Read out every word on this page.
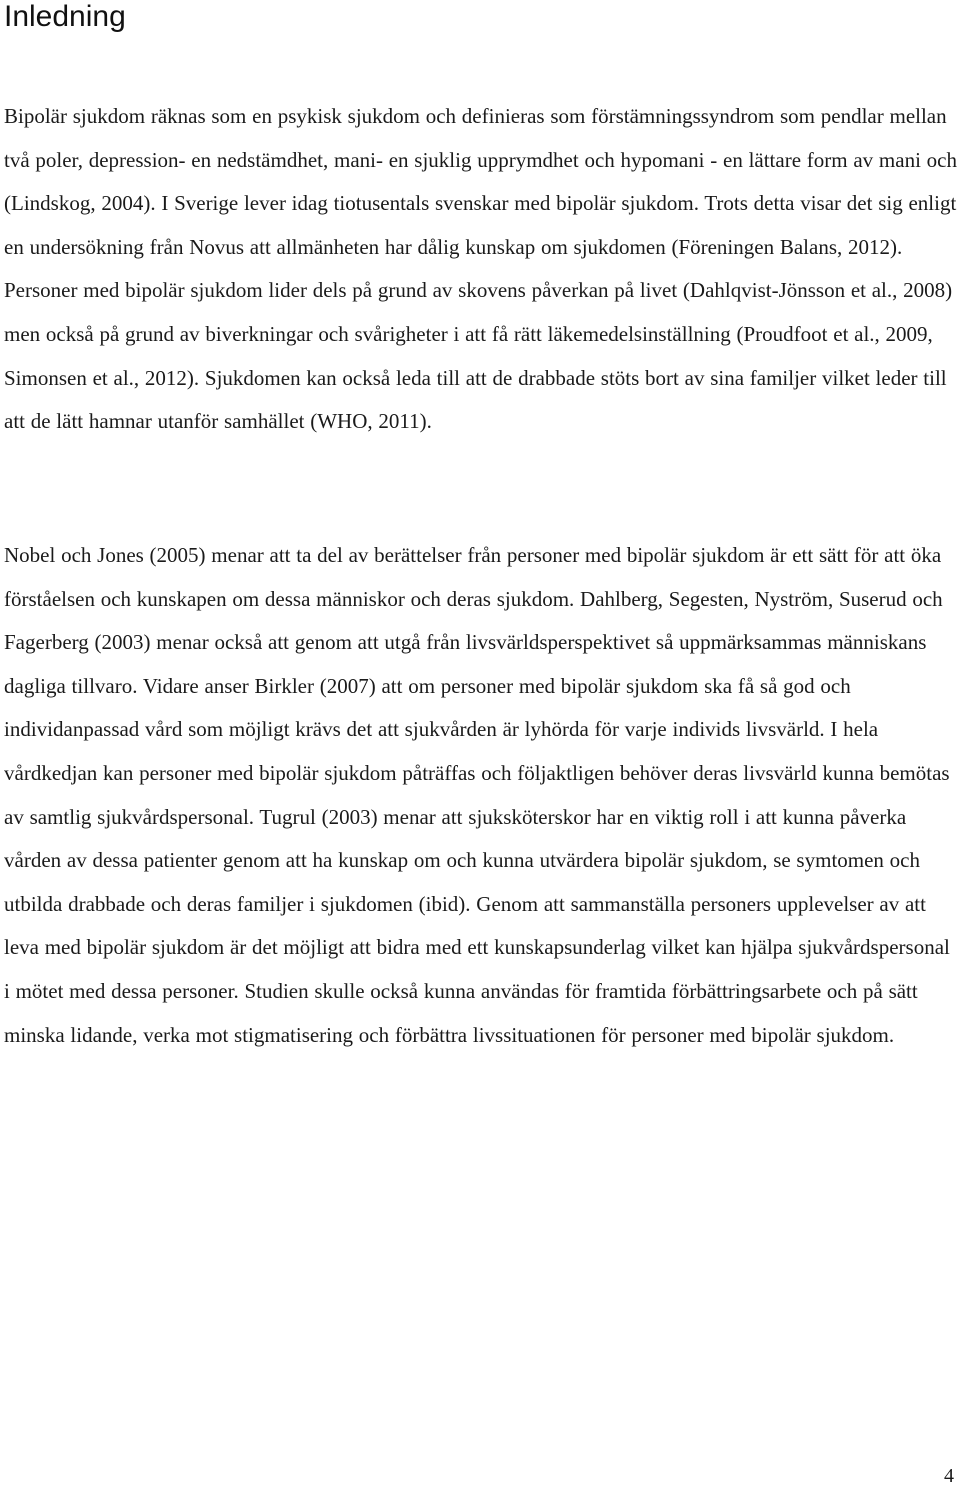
Inledning

Bipolär sjukdom räknas som en psykisk sjukdom och definieras som förstämningssyndrom som pendlar mellan två poler, depression- en nedstämdhet, mani- en sjuklig upprymdhet och hypomani - en lättare form av mani och (Lindskog, 2004). I Sverige lever idag tiotusentals svenskar med bipolär sjukdom. Trots detta visar det sig enligt en undersökning från Novus att allmänheten har dålig kunskap om sjukdomen (Föreningen Balans, 2012). Personer med bipolär sjukdom lider dels på grund av skovens påverkan på livet (Dahlqvist-Jönsson et al., 2008) men också på grund av biverkningar och svårigheter i att få rätt läkemedelsinställning (Proudfoot et al., 2009, Simonsen et al., 2012). Sjukdomen kan också leda till att de drabbade stöts bort av sina familjer vilket leder till att de lätt hamnar utanför samhället (WHO, 2011).

Nobel och Jones (2005) menar att ta del av berättelser från personer med bipolär sjukdom är ett sätt för att öka förståelsen och kunskapen om dessa människor och deras sjukdom. Dahlberg, Segesten, Nyström, Suserud och Fagerberg (2003) menar också att genom att utgå från livsvärldsperspektivet så uppmärksammas människans dagliga tillvaro. Vidare anser Birkler (2007) att om personer med bipolär sjukdom ska få så god och individanpassad vård som möjligt krävs det att sjukvården är lyhörda för varje individs livsvärld. I hela vårdkedjan kan personer med bipolär sjukdom påträffas och följaktligen behöver deras livsvärld kunna bemötas av samtlig sjukvårdspersonal. Tugrul (2003) menar att sjuksköterskor har en viktig roll i att kunna påverka vården av dessa patienter genom att ha kunskap om och kunna utvärdera bipolär sjukdom, se symtomen och utbilda drabbade och deras familjer i sjukdomen (ibid). Genom att sammanställa personers upplevelser av att leva med bipolär sjukdom är det möjligt att bidra med ett kunskapsunderlag vilket kan hjälpa sjukvårdspersonal i mötet med dessa personer. Studien skulle också kunna användas för framtida förbättringsarbete och på sätt minska lidande, verka mot stigmatisering och förbättra livssituationen för personer med bipolär sjukdom.

4
